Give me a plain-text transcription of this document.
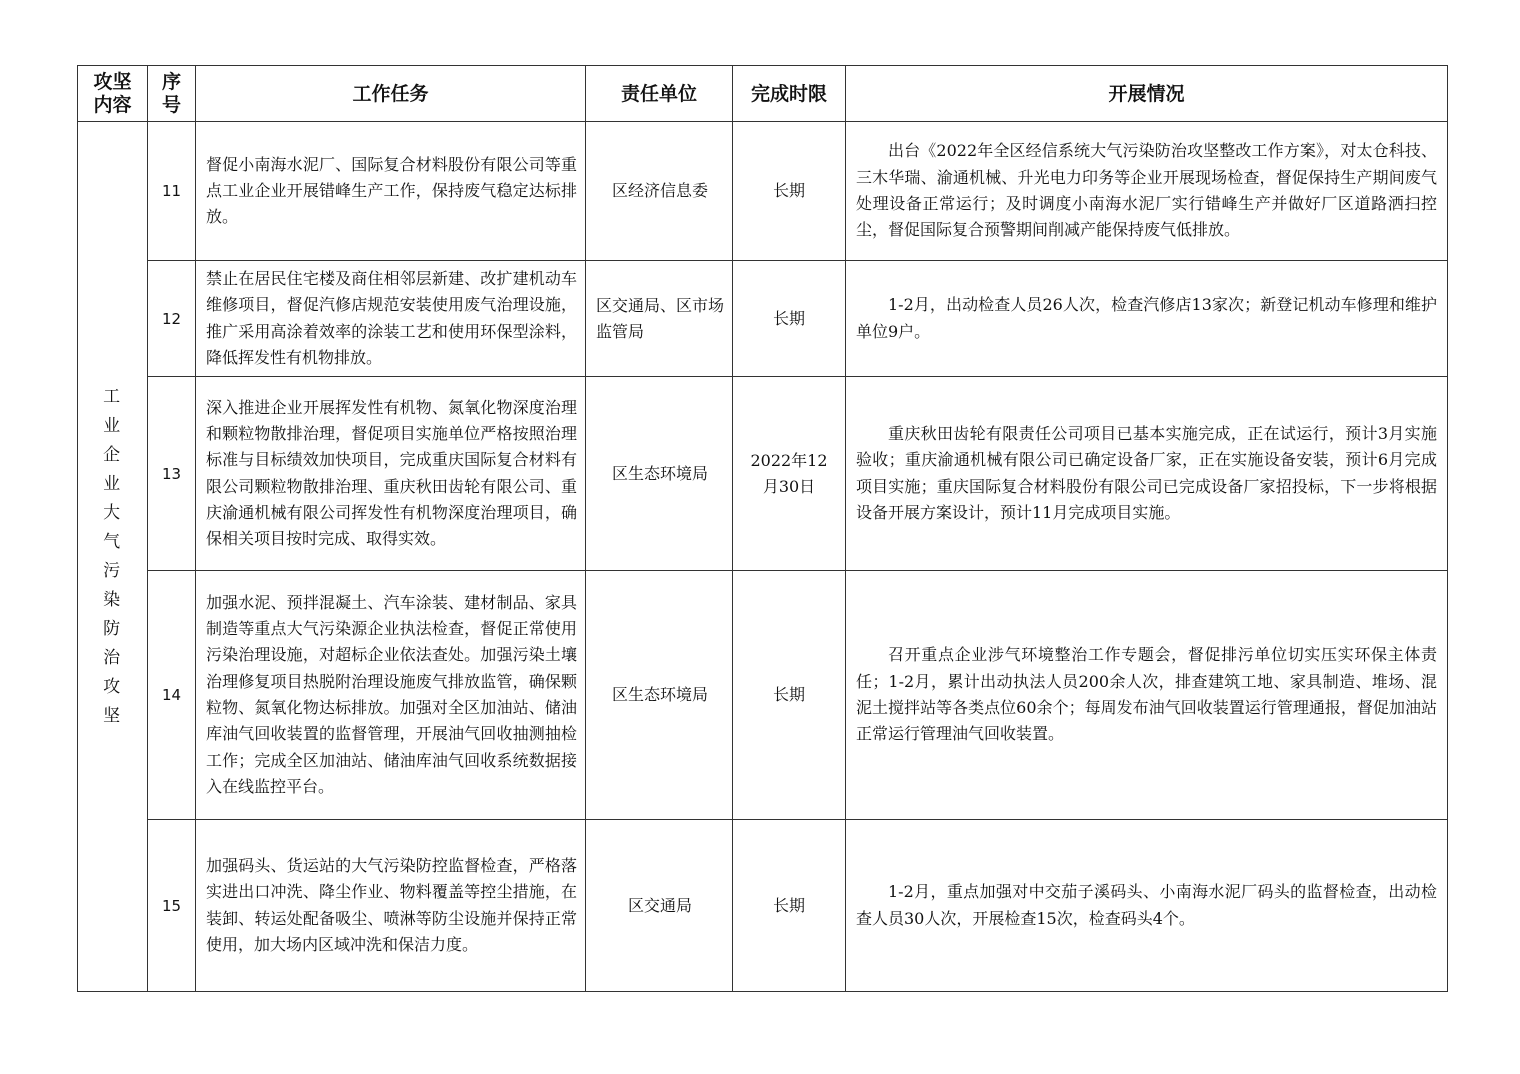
攻坚内容	序号	工作任务	责任单位	完成时限	开展情况

工业企业大气污染防治攻坚	11	督促小南海水泥厂、国际复合材料股份有限公司等重点工业企业开展错峰生产工作，保持废气稳定达标排放。	区经济信息委	长期	出台《2022年全区经信系统大气污染防治攻坚整改工作方案》，对太仓科技、三木华瑞、渝通机械、升光电力印务等企业开展现场检查，督促保持生产期间废气处理设备正常运行；及时调度小南海水泥厂实行错峰生产并做好厂区道路洒扫控尘，督促国际复合预警期间削减产能保持废气低排放。

	12	禁止在居民住宅楼及商住相邻层新建、改扩建机动车维修项目，督促汽修店规范安装使用废气治理设施，推广采用高涂着效率的涂装工艺和使用环保型涂料，降低挥发性有机物排放。	区交通局、区市场监管局	长期	1-2月，出动检查人员26人次，检查汽修店13家次；新登记机动车修理和维护单位9户。

	13	深入推进企业开展挥发性有机物、氮氧化物深度治理和颗粒物散排治理，督促项目实施单位严格按照治理标准与目标绩效加快项目，完成重庆国际复合材料有限公司颗粒物散排治理、重庆秋田齿轮有限公司、重庆渝通机械有限公司挥发性有机物深度治理项目，确保相关项目按时完成、取得实效。	区生态环境局	2022年12月30日	重庆秋田齿轮有限责任公司项目已基本实施完成，正在试运行，预计3月实施验收；重庆渝通机械有限公司已确定设备厂家，正在实施设备安装，预计6月完成项目实施；重庆国际复合材料股份有限公司已完成设备厂家招投标，下一步将根据设备开展方案设计，预计11月完成项目实施。

	14	加强水泥、预拌混凝土、汽车涂装、建材制品、家具制造等重点大气污染源企业执法检查，督促正常使用污染治理设施，对超标企业依法查处。加强污染土壤治理修复项目热脱附治理设施废气排放监管，确保颗粒物、氮氧化物达标排放。加强对全区加油站、储油库油气回收装置的监督管理，开展油气回收抽测抽检工作；完成全区加油站、储油库油气回收系统数据接入在线监控平台。	区生态环境局	长期	召开重点企业涉气环境整治工作专题会，督促排污单位切实压实环保主体责任；1-2月，累计出动执法人员200余人次，排查建筑工地、家具制造、堆场、混泥土搅拌站等各类点位60余个；每周发布油气回收装置运行管理通报，督促加油站正常运行管理油气回收装置。

	15	加强码头、货运站的大气污染防控监督检查，严格落实进出口冲洗、降尘作业、物料覆盖等控尘措施，在装卸、转运处配备吸尘、喷淋等防尘设施并保持正常使用，加大场内区域冲洗和保洁力度。	区交通局	长期	1-2月，重点加强对中交茄子溪码头、小南海水泥厂码头的监督检查，出动检查人员30人次，开展检查15次，检查码头4个。
